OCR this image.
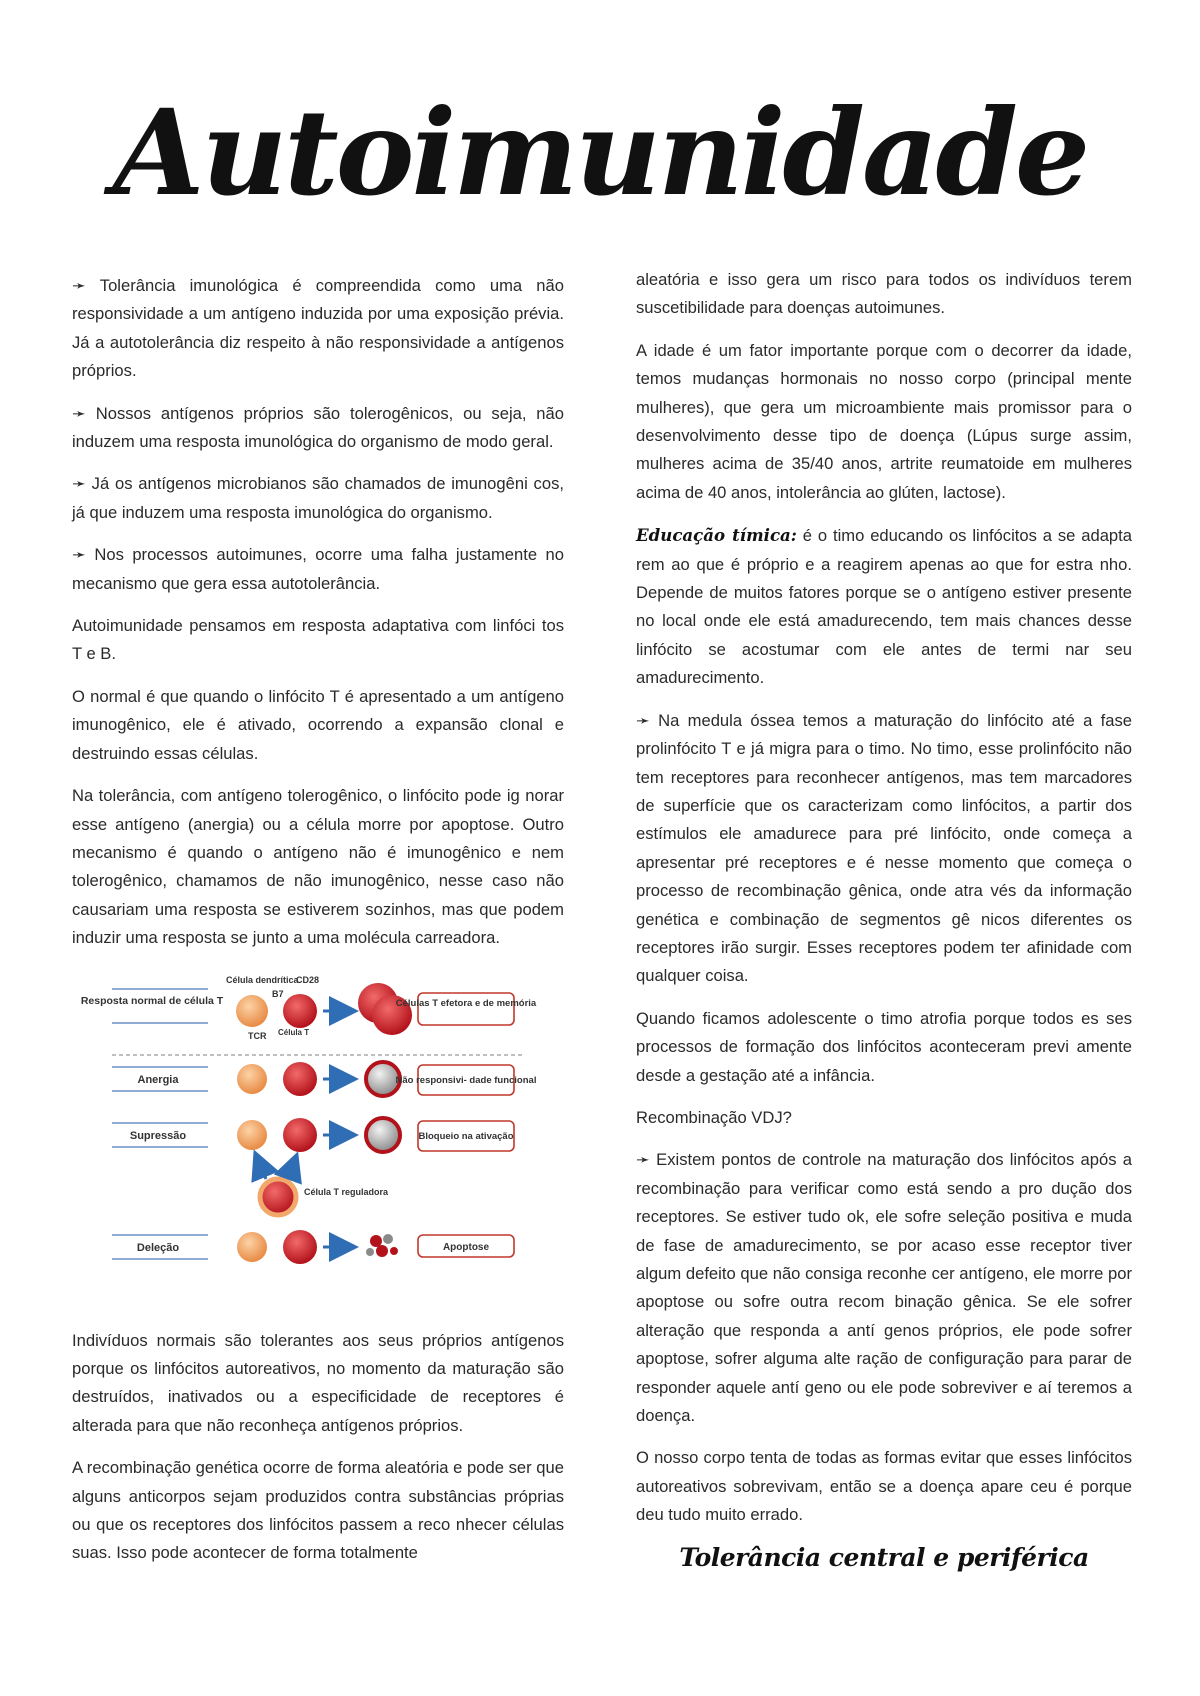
Autoimunidade

➛ Tolerância imunológica é compreendida como uma não responsividade a um antígeno induzida por uma exposição prévia. Já a autotolerância diz respeito à não responsividade a antígenos próprios.

➛ Nossos antígenos próprios são tolerogênicos, ou seja, não induzem uma resposta imunológica do organismo de modo geral.

➛ Já os antígenos microbianos são chamados de imunogêni cos, já que induzem uma resposta imunológica do organismo.

➛ Nos processos autoimunes, ocorre uma falha justamente no mecanismo que gera essa autotolerância.

Autoimunidade pensamos em resposta adaptativa com linfóci tos T e B.

O normal é que quando o linfócito T é apresentado a um antígeno imunogênico, ele é ativado, ocorrendo a expansão clonal e destruindo essas células.

Na tolerância, com antígeno tolerogênico, o linfócito pode ig norar esse antígeno (anergia) ou a célula morre por apoptose. Outro mecanismo é quando o antígeno não é imunogênico e nem tolerogênico, chamamos de não imunogênico, nesse caso não causariam uma resposta se estiverem sozinhos, mas que podem induzir uma resposta se junto a uma molécula carreadora.

Resposta normal de célula T
Célula dendrítica
CD28
B7
TCR Célula T
Células T efetora e de memória
Anergia	Não responsivi- dade funcional
Supressão	Bloqueio na ativação
Célula T reguladora
Deleção	Apoptose

Indivíduos normais são tolerantes aos seus próprios antígenos porque os linfócitos autoreativos, no momento da maturação são destruídos, inativados ou a especificidade de receptores é alterada para que não reconheça antígenos próprios.

A recombinação genética ocorre de forma aleatória e pode ser que alguns anticorpos sejam produzidos contra substâncias próprias ou que os receptores dos linfócitos passem a reco nhecer células suas. Isso pode acontecer de forma totalmente

aleatória e isso gera um risco para todos os indivíduos terem suscetibilidade para doenças autoimunes.

A idade é um fator importante porque com o decorrer da idade, temos mudanças hormonais no nosso corpo (principal mente mulheres), que gera um microambiente mais promissor para o desenvolvimento desse tipo de doença (Lúpus surge assim, mulheres acima de 35/40 anos, artrite reumatoide em mulheres acima de 40 anos, intolerância ao glúten, lactose).

Educação tímica: é o timo educando os linfócitos a se adapta rem ao que é próprio e a reagirem apenas ao que for estra nho. Depende de muitos fatores porque se o antígeno estiver presente no local onde ele está amadurecendo, tem mais chances desse linfócito se acostumar com ele antes de termi nar seu amadurecimento.

➛ Na medula óssea temos a maturação do linfócito até a fase prolinfócito T e já migra para o timo. No timo, esse prolinfócito não tem receptores para reconhecer antígenos, mas tem marcadores de superfície que os caracterizam como linfócitos, a partir dos estímulos ele amadurece para pré linfócito, onde começa a apresentar pré receptores e é nesse momento que começa o processo de recombinação gênica, onde atra vés da informação genética e combinação de segmentos gê nicos diferentes os receptores irão surgir. Esses receptores podem ter afinidade com qualquer coisa.

Quando ficamos adolescente o timo atrofia porque todos es ses processos de formação dos linfócitos aconteceram previ amente desde a gestação até a infância.

Recombinação VDJ?

➛ Existem pontos de controle na maturação dos linfócitos após a recombinação para verificar como está sendo a pro dução dos receptores. Se estiver tudo ok, ele sofre seleção positiva e muda de fase de amadurecimento, se por acaso esse receptor tiver algum defeito que não consiga reconhe cer antígeno, ele morre por apoptose ou sofre outra recom binação gênica. Se ele sofrer alteração que responda a antí genos próprios, ele pode sofrer apoptose, sofrer alguma alte ração de configuração para parar de responder aquele antí geno ou ele pode sobreviver e aí teremos a doença.

O nosso corpo tenta de todas as formas evitar que esses linfócitos autoreativos sobrevivam, então se a doença apare ceu é porque deu tudo muito errado.

Tolerância central e periférica
